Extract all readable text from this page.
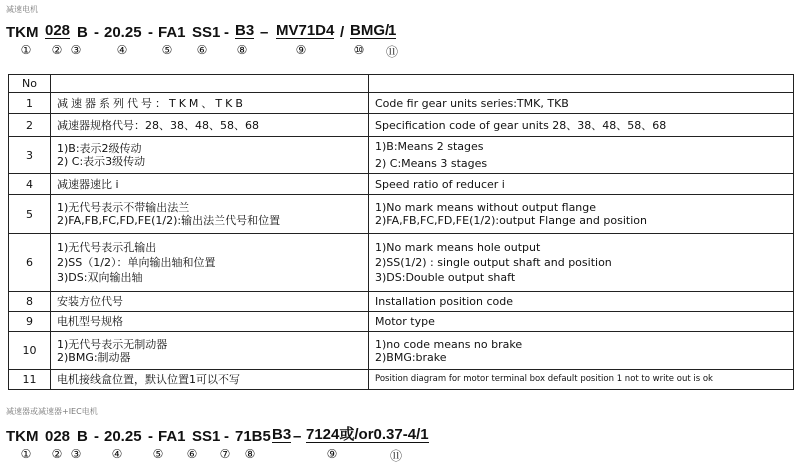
减速电机
TKM 028 B - 20.25 - FA1 SS1 - B3 – MV71D4 / BMG/
1
① ② ③	④	⑤ ⑥ ⑧	⑨	⑩ ⑪
No		
1	减速器系列代号：TKM、TKB	Code fir gear units series:TMK, TKB

2	减速器规格代号：28、38、48、58、68	Specification code of gear units 28、38、48、58、68

3	1)B:表示2级传动
2) C:表示3级传动	1)B:Means 2 stages
2) C:Means 3 stages

4	减速器速比 i	Speed ratio of reducer i

5	1)无代号表示不带输出法兰
2)FA,FB,FC,FD,FE(1/2):输出法兰代号和位置	1)No mark means without output flange
2)FA,FB,FC,FD,FE(1/2):output Flange and position

6	1)无代号表示孔输出
2)SS（1/2）：单向输出轴和位置
3)DS:双向输出轴	1)No mark means hole output
2)SS(1/2) : single output shaft and position
3)DS:Double output shaft

8	安装方位代号	Installation position code

9	电机型号规格	Motor type

10	1)无代号表示无制动器
2)BMG:制动器	1)no code means no brake
2)BMG:brake

11	电机接线盒位置，默认位置1可以不写	Position diagram for motor terminal box default position 1 not to write out is ok
减速器或减速器+IEC电机
TKM 028 B - 20.25 - FA1 SS1 - 71B5 B3 – 7124或/or0.37-4/1
① ② ③	④	⑤ ⑥ ⑦ ⑧	⑨	⑪
